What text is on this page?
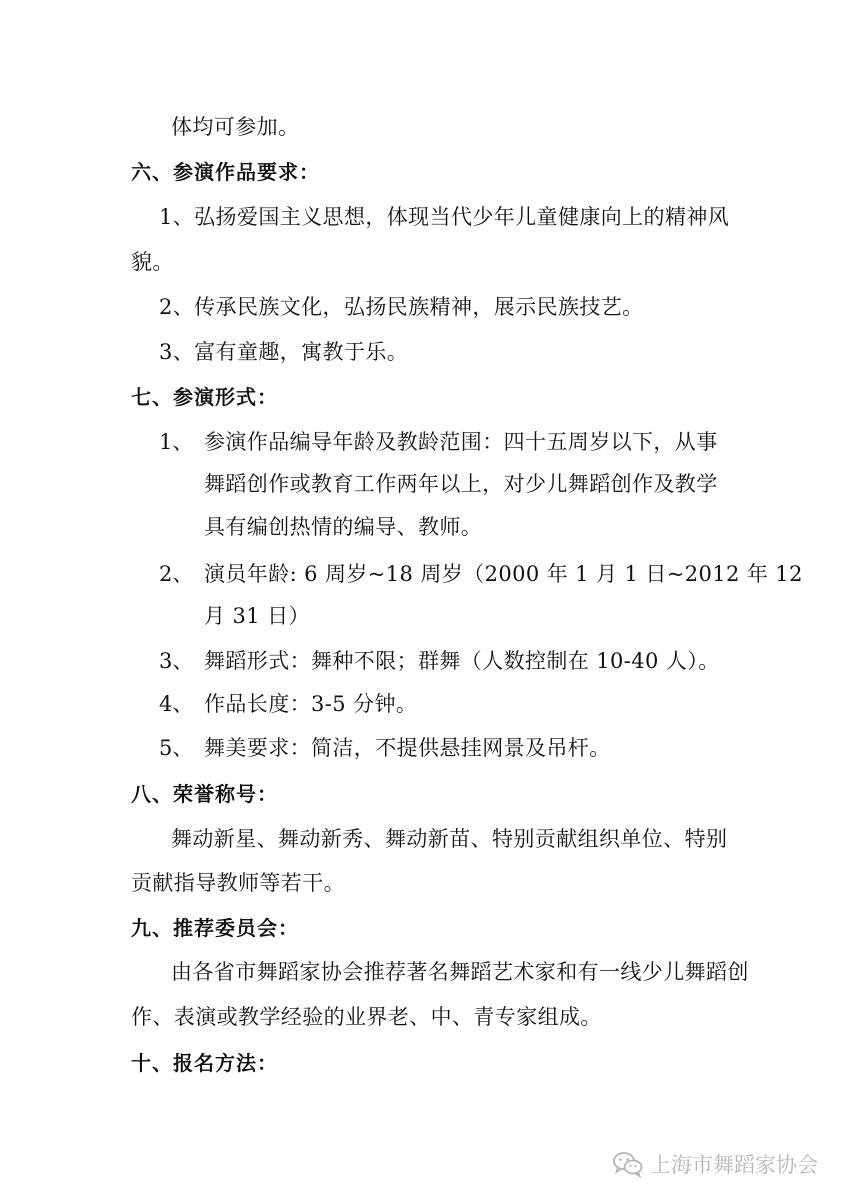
体均可参加。
六、参演作品要求：
1、弘扬爱国主义思想，体现当代少年儿童健康向上的精神风
貌。
2、传承民族文化，弘扬民族精神，展示民族技艺。
3、富有童趣，寓教于乐。
七、参演形式：
1、 参演作品编导年龄及教龄范围：四十五周岁以下，从事
舞蹈创作或教育工作两年以上，对少儿舞蹈创作及教学
具有编创热情的编导、教师。
2、 演员年龄: 6 周岁~18 周岁（2000 年 1 月 1 日~2012 年 12
月 31 日）
3、 舞蹈形式：舞种不限；群舞（人数控制在 10-40 人）。
4、 作品长度：3-5 分钟。
5、 舞美要求：简洁，不提供悬挂网景及吊杆。
八、荣誉称号：
舞动新星、舞动新秀、舞动新苗、特别贡献组织单位、特别
贡献指导教师等若干。
九、推荐委员会：
由各省市舞蹈家协会推荐著名舞蹈艺术家和有一线少儿舞蹈创
作、表演或教学经验的业界老、中、青专家组成。
十、报名方法：
上海市舞蹈家协会
